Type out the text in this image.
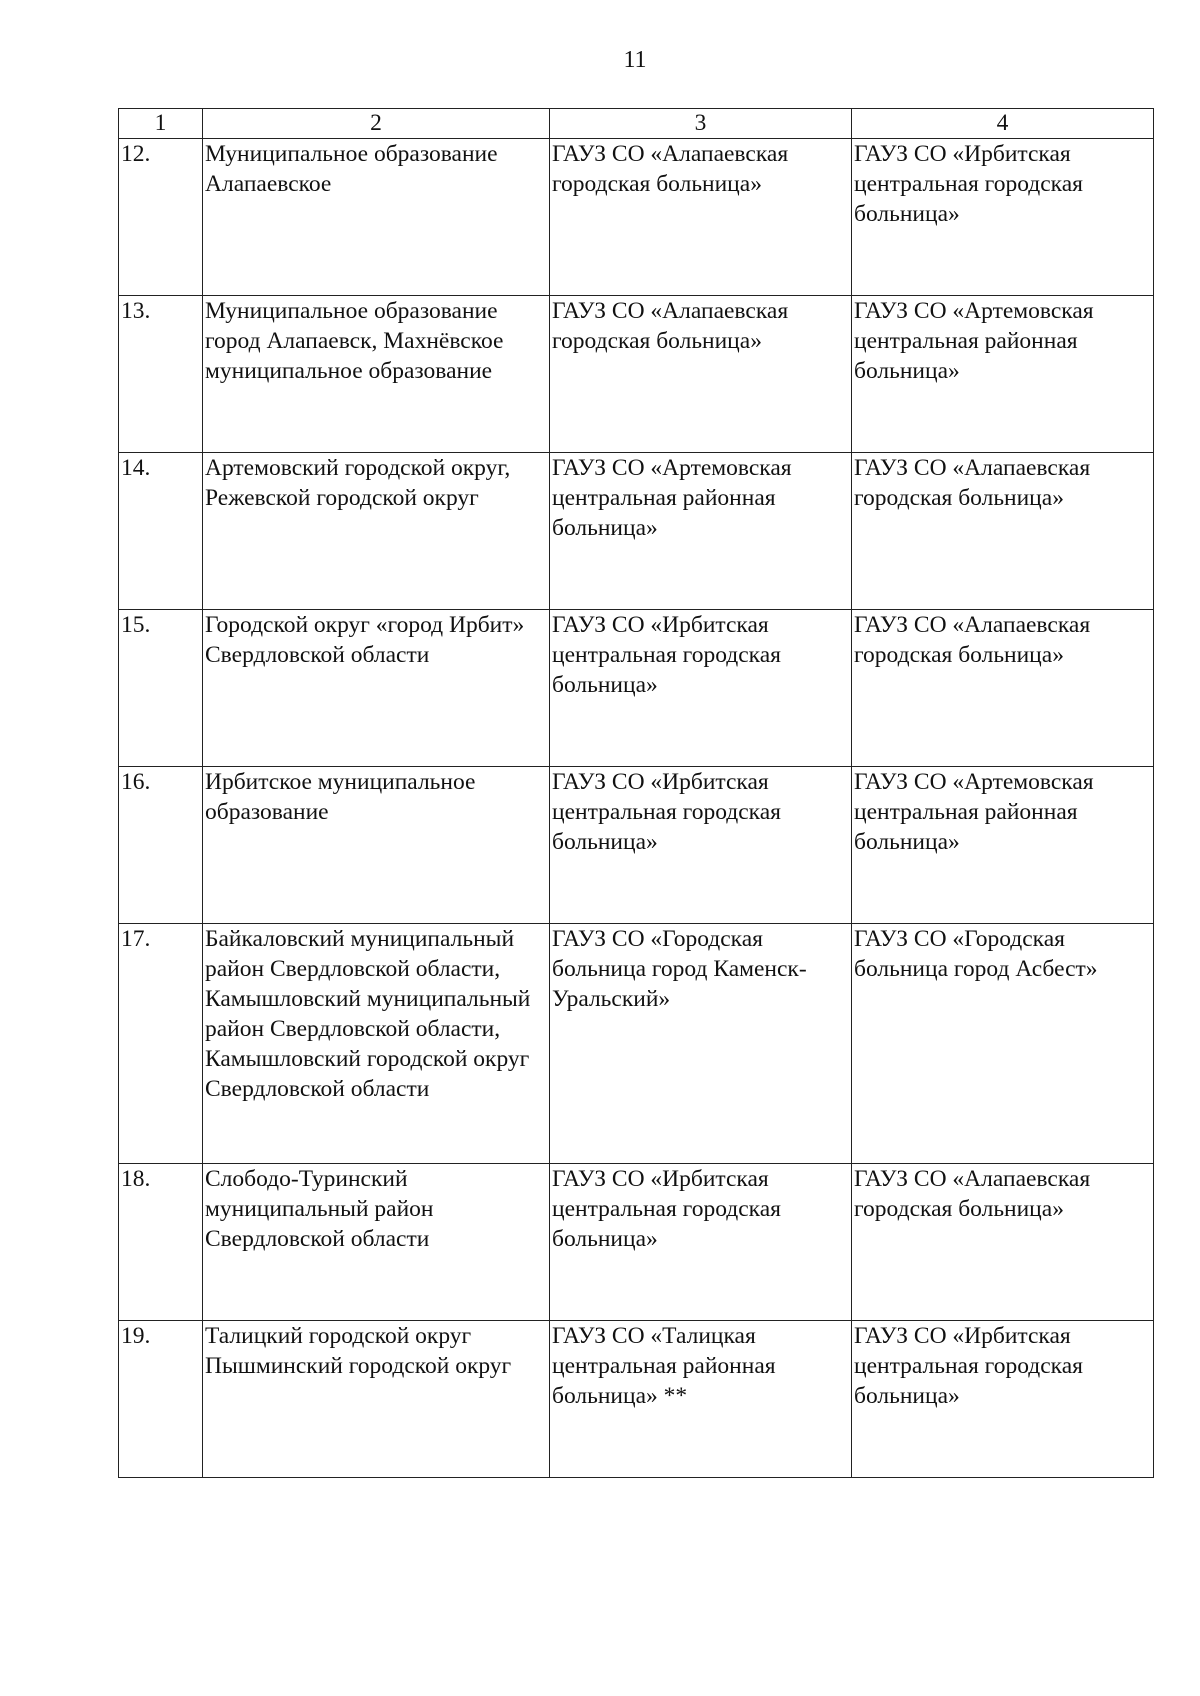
11
1	2	3	4
12.	Муниципальное образование Алапаевское	ГАУЗ СО «Алапаевская городская больница»	ГАУЗ СО «Ирбитская центральная городская больница»
13.	Муниципальное образование город Алапаевск, Махнёвское муниципальное образование	ГАУЗ СО «Алапаевская городская больница»	ГАУЗ СО «Артемовская центральная районная больница»
14.	Артемовский городской округ, Режевской городской округ	ГАУЗ СО «Артемовская центральная районная больница»	ГАУЗ СО «Алапаевская городская больница»
15.	Городской округ «город Ирбит» Свердловской области	ГАУЗ СО «Ирбитская центральная городская больница»	ГАУЗ СО «Алапаевская городская больница»
16.	Ирбитское муниципальное образование	ГАУЗ СО «Ирбитская центральная городская больница»	ГАУЗ СО «Артемовская центральная районная больница»
17.	Байкаловский муниципальный район Свердловской области, Камышловский муниципальный район Свердловской области, Камышловский городской округ Свердловской области	ГАУЗ СО «Городская больница город Каменск-Уральский»	ГАУЗ СО «Городская больница город Асбест»
18.	Слободо-Туринский муниципальный район Свердловской области	ГАУЗ СО «Ирбитская центральная городская больница»	ГАУЗ СО «Алапаевская городская больница»
19.	Талицкий городской округ Пышминский городской округ	ГАУЗ СО «Талицкая центральная районная больница» **	ГАУЗ СО «Ирбитская центральная городская больница»
